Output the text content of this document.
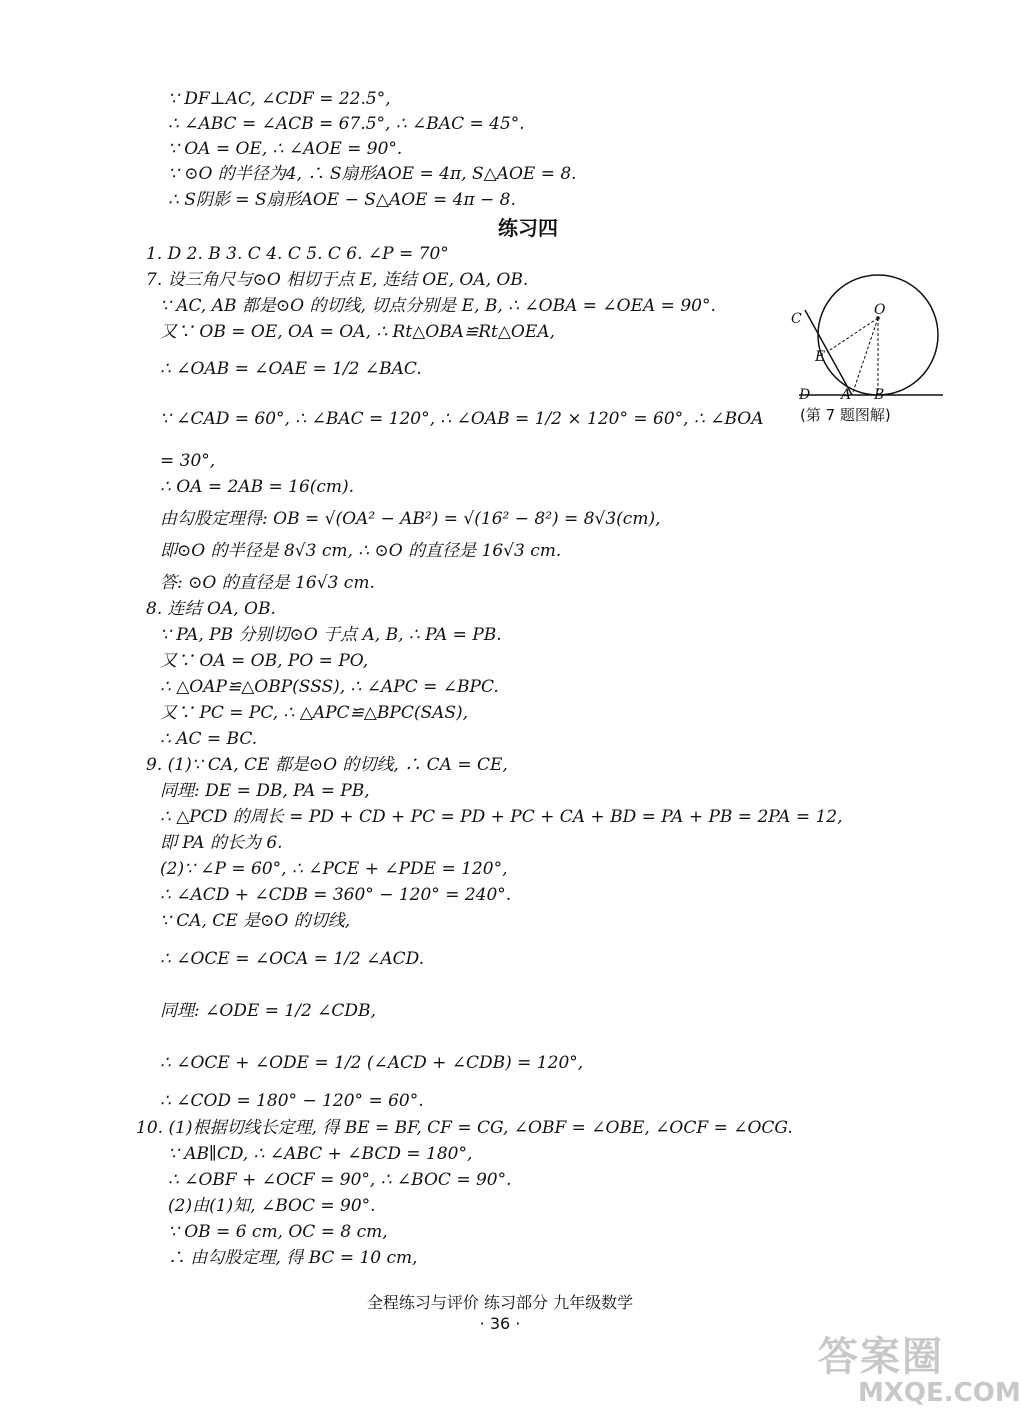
∵ DF⊥AC, ∠CDF = 22.5°,
∴ ∠ABC = ∠ACB = 67.5°, ∴ ∠BAC = 45°.
∵ OA = OE, ∴ ∠AOE = 90°.
∵ ⊙O 的半径为4, ∴ S扇形AOE = 4π, S△AOE = 8.
∴ S阴影 = S扇形AOE − S△AOE = 4π − 8.
练习四
1. D 2. B 3. C 4. C 5. C 6. ∠P = 70°
7. 设三角尺与⊙O 相切于点 E, 连结 OE, OA, OB.
∵ AC, AB 都是⊙O 的切线, 切点分别是 E, B, ∴ ∠OBA = ∠OEA = 90°.
又∵ OB = OE, OA = OA, ∴ Rt△OBA≌Rt△OEA,
∴ ∠OAB = ∠OAE = 1/2 ∠BAC.
∵ ∠CAD = 60°, ∴ ∠BAC = 120°, ∴ ∠OAB = 1/2 × 120° = 60°, ∴ ∠BOA
= 30°,
∴ OA = 2AB = 16(cm).
由勾股定理得: OB = √(OA² − AB²) = √(16² − 8²) = 8√3(cm),
即⊙O 的半径是 8√3 cm, ∴ ⊙O 的直径是 16√3 cm.
答: ⊙O 的直径是 16√3 cm.
8. 连结 OA, OB.
∵ PA, PB 分别切⊙O 于点 A, B, ∴ PA = PB.
又∵ OA = OB, PO = PO,
∴ △OAP≌△OBP(SSS), ∴ ∠APC = ∠BPC.
又∵ PC = PC, ∴ △APC≌△BPC(SAS),
∴ AC = BC.
9. (1)∵ CA, CE 都是⊙O 的切线, ∴ CA = CE,
同理: DE = DB, PA = PB,
∴ △PCD 的周长 = PD + CD + PC = PD + PC + CA + BD = PA + PB = 2PA = 12,
即 PA 的长为 6.
(2)∵ ∠P = 60°, ∴ ∠PCE + ∠PDE = 120°,
∴ ∠ACD + ∠CDB = 360° − 120° = 240°.
∵ CA, CE 是⊙O 的切线,
∴ ∠OCE = ∠OCA = 1/2 ∠ACD.
同理: ∠ODE = 1/2 ∠CDB,
∴ ∠OCE + ∠ODE = 1/2 (∠ACD + ∠CDB) = 120°,
∴ ∠COD = 180° − 120° = 60°.
10. (1)根据切线长定理, 得 BE = BF, CF = CG, ∠OBF = ∠OBE, ∠OCF = ∠OCG.
∵ AB∥CD, ∴ ∠ABC + ∠BCD = 180°,
∴ ∠OBF + ∠OCF = 90°, ∴ ∠BOC = 90°.
(2)由(1)知, ∠BOC = 90°.
∵ OB = 6 cm, OC = 8 cm,
∴ 由勾股定理, 得 BC = 10 cm,
C
O
E
D A B
(第 7 题图解)
全程练习与评价 练习部分 九年级数学
· 36 ·
答案圈
MXQE.COM
